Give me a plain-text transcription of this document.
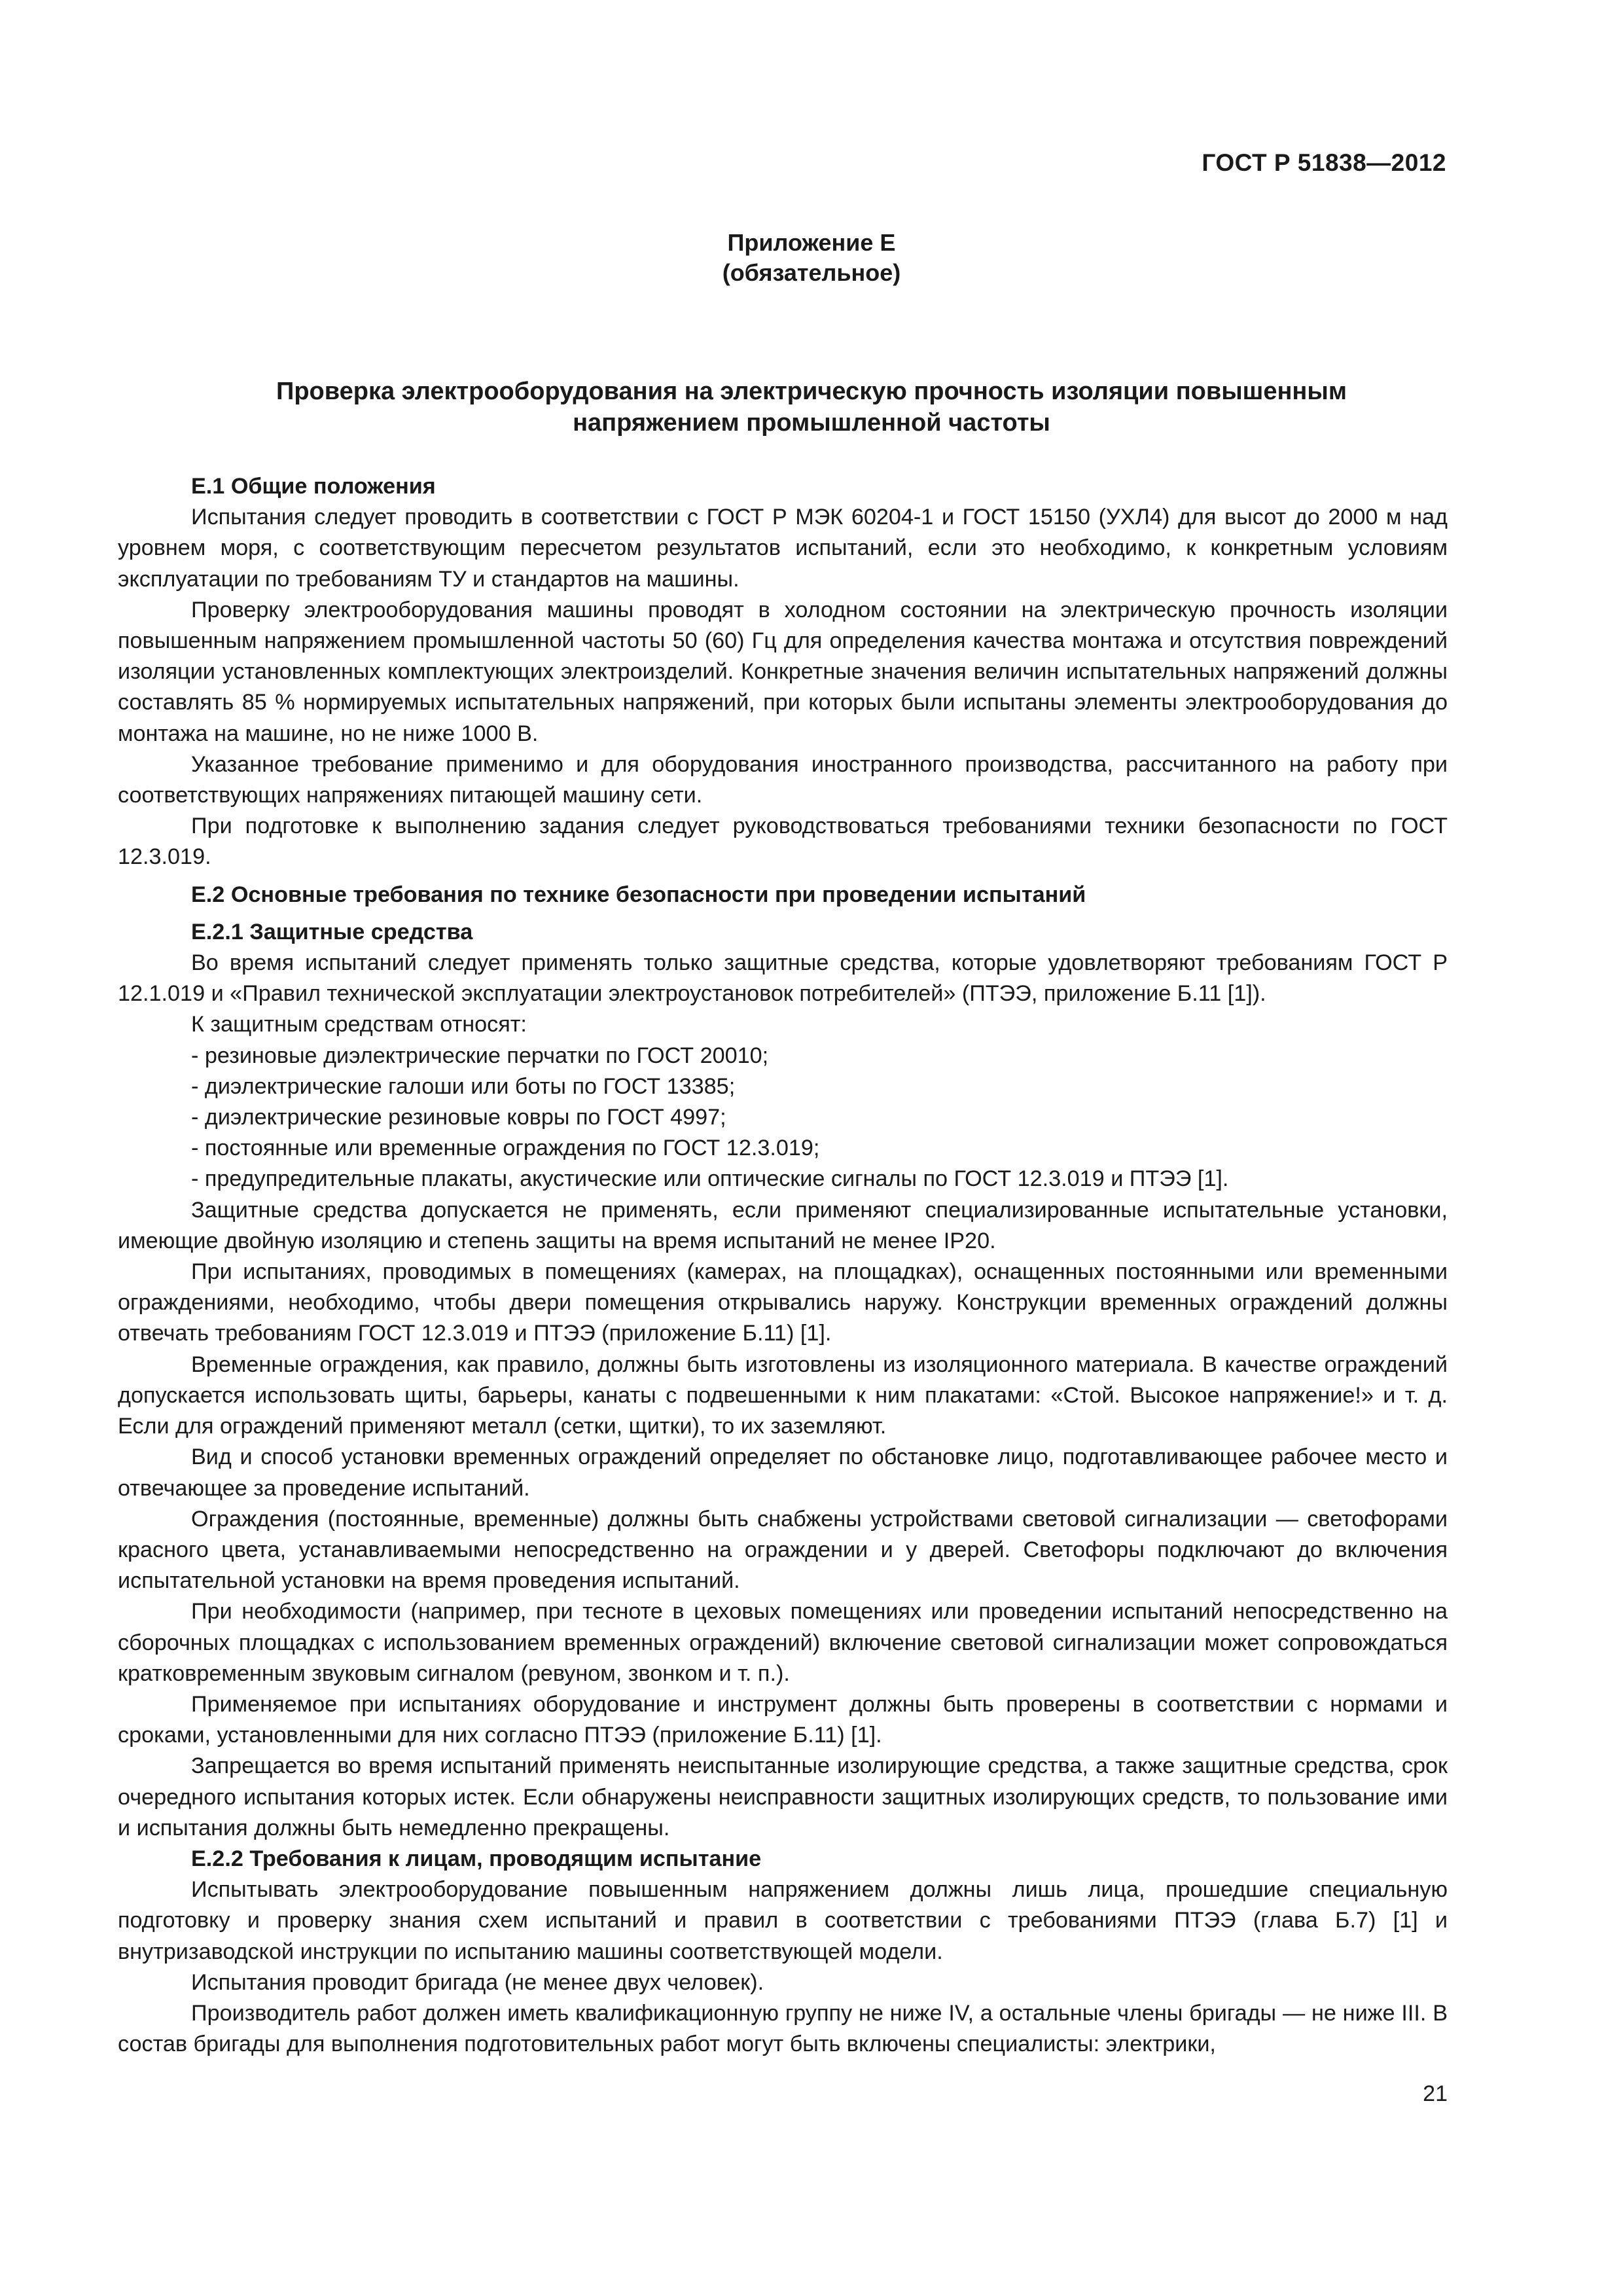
ГОСТ Р 51838—2012
Приложение Е
(обязательное)
Проверка электрооборудования на электрическую прочность изоляции повышенным
напряжением промышленной частоты
Е.1 Общие положения

Испытания следует проводить в соответствии с ГОСТ Р МЭК 60204-1 и ГОСТ 15150 (УХЛ4) для высот до 2000 м над уровнем моря, с соответствующим пересчетом результатов испытаний, если это необходимо, к конкретным условиям эксплуатации по требованиям ТУ и стандартов на машины.

Проверку электрооборудования машины проводят в холодном состоянии на электрическую прочность изоляции повышенным напряжением промышленной частоты 50 (60) Гц для определения качества монтажа и отсутствия повреждений изоляции установленных комплектующих электроизделий. Конкретные значения величин испытательных напряжений должны составлять 85 % нормируемых испытательных напряжений, при которых были испытаны элементы электрооборудования до монтажа на машине, но не ниже 1000 В.

Указанное требование применимо и для оборудования иностранного производства, рассчитанного на работу при соответствующих напряжениях питающей машину сети.

При подготовке к выполнению задания следует руководствоваться требованиями техники безопасности по ГОСТ 12.3.019.

Е.2 Основные требования по технике безопасности при проведении испытаний
Е.2.1 Защитные средства

Во время испытаний следует применять только защитные средства, которые удовлетворяют требованиям ГОСТ Р 12.1.019 и «Правил технической эксплуатации электроустановок потребителей» (ПТЭЭ, приложение Б.11 [1]).

К защитным средствам относят:

- резиновые диэлектрические перчатки по ГОСТ 20010;
- диэлектрические галоши или боты по ГОСТ 13385;
- диэлектрические резиновые ковры по ГОСТ 4997;
- постоянные или временные ограждения по ГОСТ 12.3.019;
- предупредительные плакаты, акустические или оптические сигналы по ГОСТ 12.3.019 и ПТЭЭ [1].

Защитные средства допускается не применять, если применяют специализированные испытательные установки, имеющие двойную изоляцию и степень защиты на время испытаний не менее IP20.

При испытаниях, проводимых в помещениях (камерах, на площадках), оснащенных постоянными или временными ограждениями, необходимо, чтобы двери помещения открывались наружу. Конструкции временных ограждений должны отвечать требованиям ГОСТ 12.3.019 и ПТЭЭ (приложение Б.11) [1].

Временные ограждения, как правило, должны быть изготовлены из изоляционного материала. В качестве ограждений допускается использовать щиты, барьеры, канаты с подвешенными к ним плакатами: «Стой. Высокое напряжение!» и т. д. Если для ограждений применяют металл (сетки, щитки), то их заземляют.

Вид и способ установки временных ограждений определяет по обстановке лицо, подготавливающее рабочее место и отвечающее за проведение испытаний.

Ограждения (постоянные, временные) должны быть снабжены устройствами световой сигнализации — светофорами красного цвета, устанавливаемыми непосредственно на ограждении и у дверей. Светофоры подключают до включения испытательной установки на время проведения испытаний.

При необходимости (например, при тесноте в цеховых помещениях или проведении испытаний непосредственно на сборочных площадках с использованием временных ограждений) включение световой сигнализации может сопровождаться кратковременным звуковым сигналом (ревуном, звонком и т. п.).

Применяемое при испытаниях оборудование и инструмент должны быть проверены в соответствии с нормами и сроками, установленными для них согласно ПТЭЭ (приложение Б.11) [1].

Запрещается во время испытаний применять неиспытанные изолирующие средства, а также защитные средства, срок очередного испытания которых истек. Если обнаружены неисправности защитных изолирующих средств, то пользование ими и испытания должны быть немедленно прекращены.

Е.2.2 Требования к лицам, проводящим испытание

Испытывать электрооборудование повышенным напряжением должны лишь лица, прошедшие специальную подготовку и проверку знания схем испытаний и правил в соответствии с требованиями ПТЭЭ (глава Б.7) [1] и внутризаводской инструкции по испытанию машины соответствующей модели.

Испытания проводит бригада (не менее двух человек).

Производитель работ должен иметь квалификационную группу не ниже IV, а остальные члены бригады — не ниже III. В состав бригады для выполнения подготовительных работ могут быть включены специалисты: электрики,

21
